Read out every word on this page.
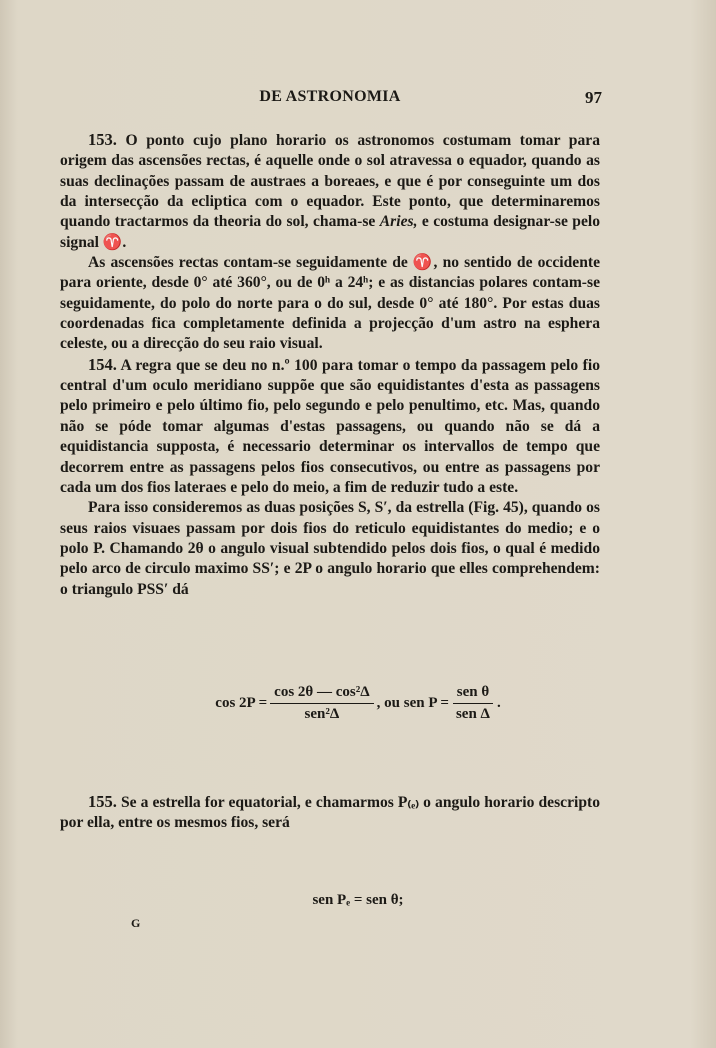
DE ASTRONOMIA	97

153. O ponto cujo plano horario os astronomos costumam tomar para origem das ascensões rectas, é aquelle onde o sol atravessa o equador, quando as suas declinações passam de austraes a boreaes, e que é por conseguinte um dos da intersecção da ecliptica com o equador. Este ponto, que determinaremos quando tractarmos da theoria do sol, chama-se Aries, e costuma designar-se pelo signal ♈.

As ascensões rectas contam-se seguidamente de ♈, no sentido de occidente para oriente, desde 0° até 360°, ou de 0ʰ a 24ʰ; e as distancias polares contam-se seguidamente, do polo do norte para o do sul, desde 0° até 180°. Por estas duas coordenadas fica completamente definida a projecção d'um astro na esphera celeste, ou a direcção do seu raio visual.

154. A regra que se deu no n.º 100 para tomar o tempo da passagem pelo fio central d'um oculo meridiano suppõe que são equidistantes d'esta as passagens pelo primeiro e pelo último fio, pelo segundo e pelo penultimo, etc. Mas, quando não se póde tomar algumas d'estas passagens, ou quando não se dá a equidistancia supposta, é necessario determinar os intervallos de tempo que decorrem entre as passagens pelos fios consecutivos, ou entre as passagens por cada um dos fios lateraes e pelo do meio, a fim de reduzir tudo a este.

Para isso consideremos as duas posições S, S′, da estrella (Fig. 45), quando os seus raios visuaes passam por dois fios do reticulo equidistantes do medio; e o polo P. Chamando 2θ o angulo visual subtendido pelos dois fios, o qual é medido pelo arco de circulo maximo SS′; e 2P o angulo horario que elles comprehendem: o triangulo PSS′ dá

$\cos 2P = \frac{\text{cos 2θ — cos²Δ}}{\text{sen²Δ}}$ , ou sen $P = \frac{\text{sen θ}}{\text{sen Δ}}$ .

155. Se a estrella for equatorial, e chamarmos P₍ₑ₎ o angulo horario descripto por ella, entre os mesmos fios, será

sen Pₑ = sen θ;
G
